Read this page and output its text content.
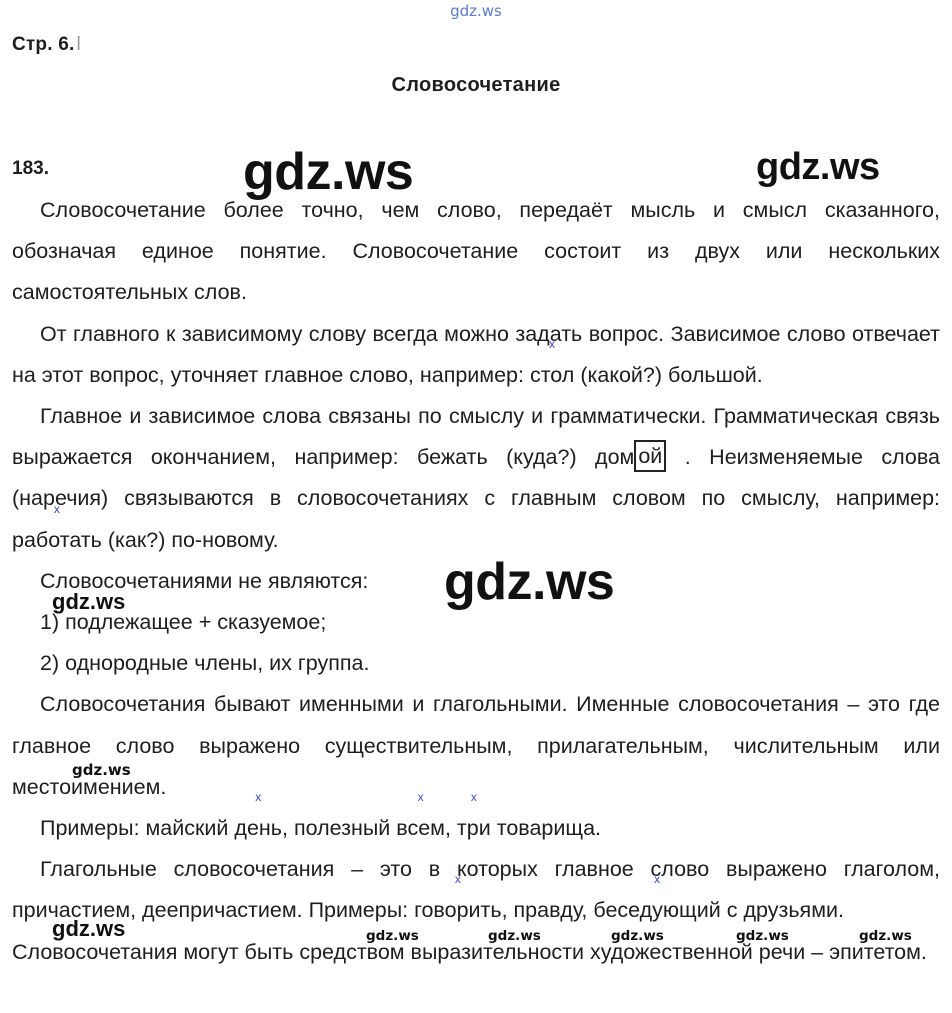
gdz.ws
Стр. 6. l
Словосочетание
183.	gdz.ws	gdz.ws
gdz.ws
gdz.ws
gdz.ws
gdz.ws	gdz.ws	gdz.ws	gdz.ws	gdz.ws	gdz.ws

Словосочетание более точно, чем слово, передаёт мысль и смысл сказанного, обозначая единое понятие. Словосочетание состоит из двух или нескольких самостоятельных слов.

От главного к зависимому слову всегда можно задать вопрос. Зависимое слово отвечает на этот вопрос, уточняет главное слово, например: x стол (какой?) большой.

Главное и зависимое слова связаны по смыслу и грамматически. Грамматическая связь выражается окончанием, например: бежать (куда?) дом ой . Неизменяемые слова (наречия) связываются в словосочетаниях с главным словом по смыслу, например: x работать (как?) по-новому.

Словосочетаниями не являются:

1) подлежащее + сказуемое;

2) однородные члены, их группа.

Словосочетания бывают именными и глагольными. Именные словосочетания – это где главное слово выражено существительным, прилагательным, числительным или местоимением.

Примеры: майский x день, полезный x всем, x три товарища.

Глагольные словосочетания – это в которых главное слово выражено глаголом, причастием, деепричастием. Примеры: x говорить, правду, x беседующий с друзьями.

Словосочетания могут быть средством выразительности художественной речи – эпитетом.
